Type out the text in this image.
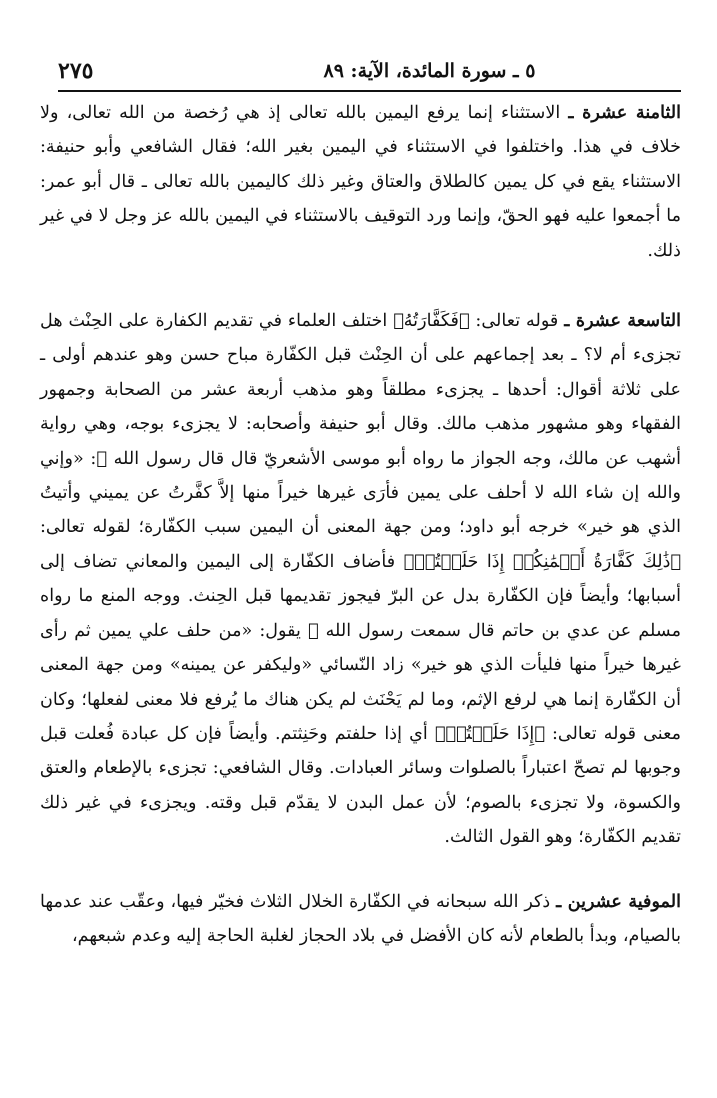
٥ ـ سورة المائدة، الآية: ٨٩
٢٧٥

الثامنة عشرة ـ الاستثناء إنما يرفع اليمين بالله تعالى إذ هي رُخصة من الله تعالى، ولا خلاف في هذا. واختلفوا في الاستثناء في اليمين بغير الله؛ فقال الشافعي وأبو حنيفة: الاستثناء يقع في كل يمين كالطلاق والعتاق وغير ذلك كاليمين بالله تعالى ـ قال أبو عمر: ما أجمعوا عليه فهو الحقّ، وإنما ورد التوقيف بالاستثناء في اليمين بالله عز وجل لا في غير ذلك.

التاسعة عشرة ـ قوله تعالى: ﴿فَكَفَّارَتُهُ﴾ اختلف العلماء في تقديم الكفارة على الحِنْث هل تجزىء أم لا؟ ـ بعد إجماعهم على أن الحِنْث قبل الكفّارة مباح حسن وهو عندهم أولى ـ على ثلاثة أقوال: أحدها ـ يجزىء مطلقاً وهو مذهب أربعة عشر من الصحابة وجمهور الفقهاء وهو مشهور مذهب مالك. وقال أبو حنيفة وأصحابه: لا يجزىء بوجه، وهي رواية أشهب عن مالك، وجه الجواز ما رواه أبو موسى الأشعريّ قال قال رسول الله ﷺ: «وإني والله إن شاء الله لا أحلف على يمين فأرَى غيرها خيراً منها إلاَّ كفَّرتُ عن يميني وأتيتُ الذي هو خير» خرجه أبو داود؛ ومن جهة المعنى أن اليمين سبب الكفّارة؛ لقوله تعالى: ﴿ذَٰلِكَ كَفَّارَةُ أَيۡمَٰنِكُمۡ إِذَا حَلَفۡتُمۡ﴾ فأضاف الكفّارة إلى اليمين والمعاني تضاف إلى أسبابها؛ وأيضاً فإن الكفّارة بدل عن البرّ فيجوز تقديمها قبل الحِنث. ووجه المنع ما رواه مسلم عن عدي بن حاتم قال سمعت رسول الله ﷺ يقول: «من حلف علي يمين ثم رأى غيرها خيراً منها فليأت الذي هو خير» زاد النّسائي «وليكفر عن يمينه» ومن جهة المعنى أن الكفّارة إنما هي لرفع الإثم، وما لم يَحْنَث لم يكن هناك ما يُرفع فلا معنى لفعلها؛ وكان معنى قوله تعالى: ﴿إِذَا حَلَفۡتُمۡ﴾ أي إذا حلفتم وحَنِثتم. وأيضاً فإن كل عبادة فُعلت قبل وجوبها لم تصحّ اعتباراً بالصلوات وسائر العبادات. وقال الشافعي: تجزىء بالإطعام والعتق والكسوة، ولا تجزىء بالصوم؛ لأن عمل البدن لا يقدّم قبل وقته. ويجزىء في غير ذلك تقديم الكفّارة؛ وهو القول الثالث.

الموفية عشرين ـ ذكر الله سبحانه في الكفّارة الخلال الثلاث فخيّر فيها، وعقّب عند عدمها بالصيام، وبدأ بالطعام لأنه كان الأفضل في بلاد الحجاز لغلبة الحاجة إليه وعدم شبعهم،
